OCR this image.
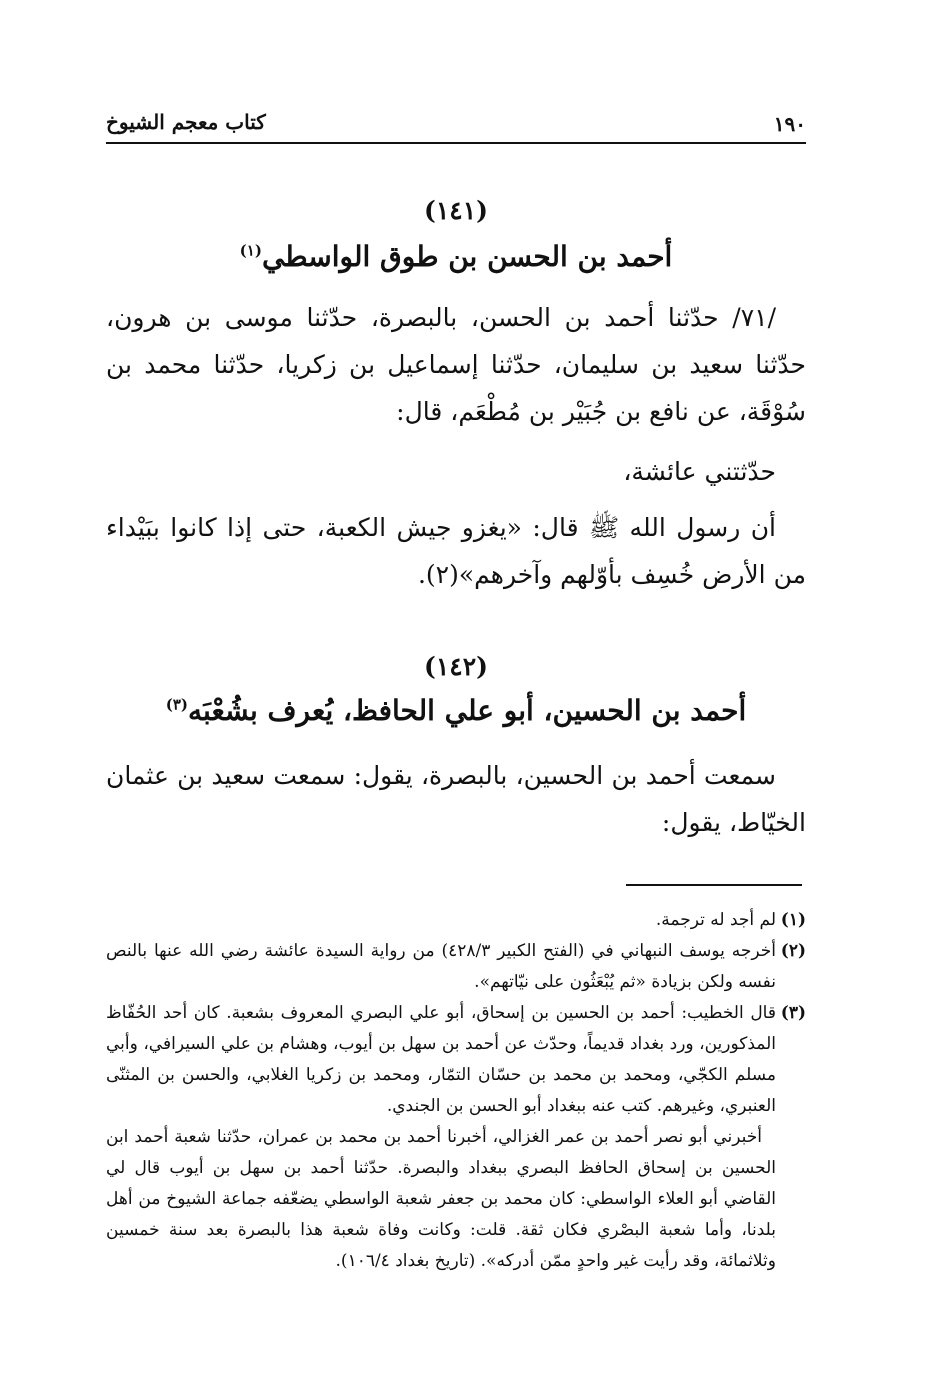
١٩٠
كتاب معجم الشيوخ
(١٤١)
أحمد بن الحسن بن طوق الواسطي$^{(١)}$
/٧١/ حدّثنا أحمد بن الحسن، بالبصرة، حدّثنا موسى بن هرون، حدّثنا سعيد بن سليمان، حدّثنا إسماعيل بن زكريا، حدّثنا محمد بن سُوْقَة، عن نافع بن جُبَيْر بن مُطْعَم، قال:
حدّثتني عائشة،
أن رسول الله ﷺ قال: «يغزو جيش الكعبة، حتى إذا كانوا ببَيْداء من الأرض خُسِف بأوّلهم وآخرهم»(٢).
(١٤٢)
أحمد بن الحسين، أبو علي الحافظ، يُعرف بشُعْبَه$^{(٣)}$
سمعت أحمد بن الحسين، بالبصرة، يقول: سمعت سعيد بن عثمان الخيّاط، يقول:
(١)
لم أجد له ترجمة.
(٢)
أخرجه يوسف النبهاني في (الفتح الكبير ٤٢٨/٣) من رواية السيدة عائشة رضي الله عنها بالنص نفسه ولكن بزيادة «ثم يُبْعَثُون على نيّاتهم».
(٣)
قال الخطيب: أحمد بن الحسين بن إسحاق، أبو علي البصري المعروف بشعبة. كان أحد الحُفّاظ المذكورين، ورد بغداد قديماً، وحدّث عن أحمد بن سهل بن أيوب، وهشام بن علي السيرافي، وأبي مسلم الكجّي، ومحمد بن محمد بن حسّان التمّار، ومحمد بن زكريا الغلابي، والحسن بن المثنّى العنبري، وغيرهم. كتب عنه ببغداد أبو الحسن بن الجندي.
أخبرني أبو نصر أحمد بن عمر الغزالي، أخبرنا أحمد بن محمد بن عمران، حدّثنا شعبة أحمد ابن الحسين بن إسحاق الحافظ البصري ببغداد والبصرة. حدّثنا أحمد بن سهل بن أيوب قال لي القاضي أبو العلاء الواسطي: كان محمد بن جعفر شعبة الواسطي يضعّفه جماعة الشيوخ من أهل بلدنا، وأما شعبة البصْري فكان ثقة. قلت: وكانت وفاة شعبة هذا بالبصرة بعد سنة خمسين وثلاثمائة، وقد رأيت غير واحدٍ ممّن أدركه». (تاريخ بغداد ١٠٦/٤).
